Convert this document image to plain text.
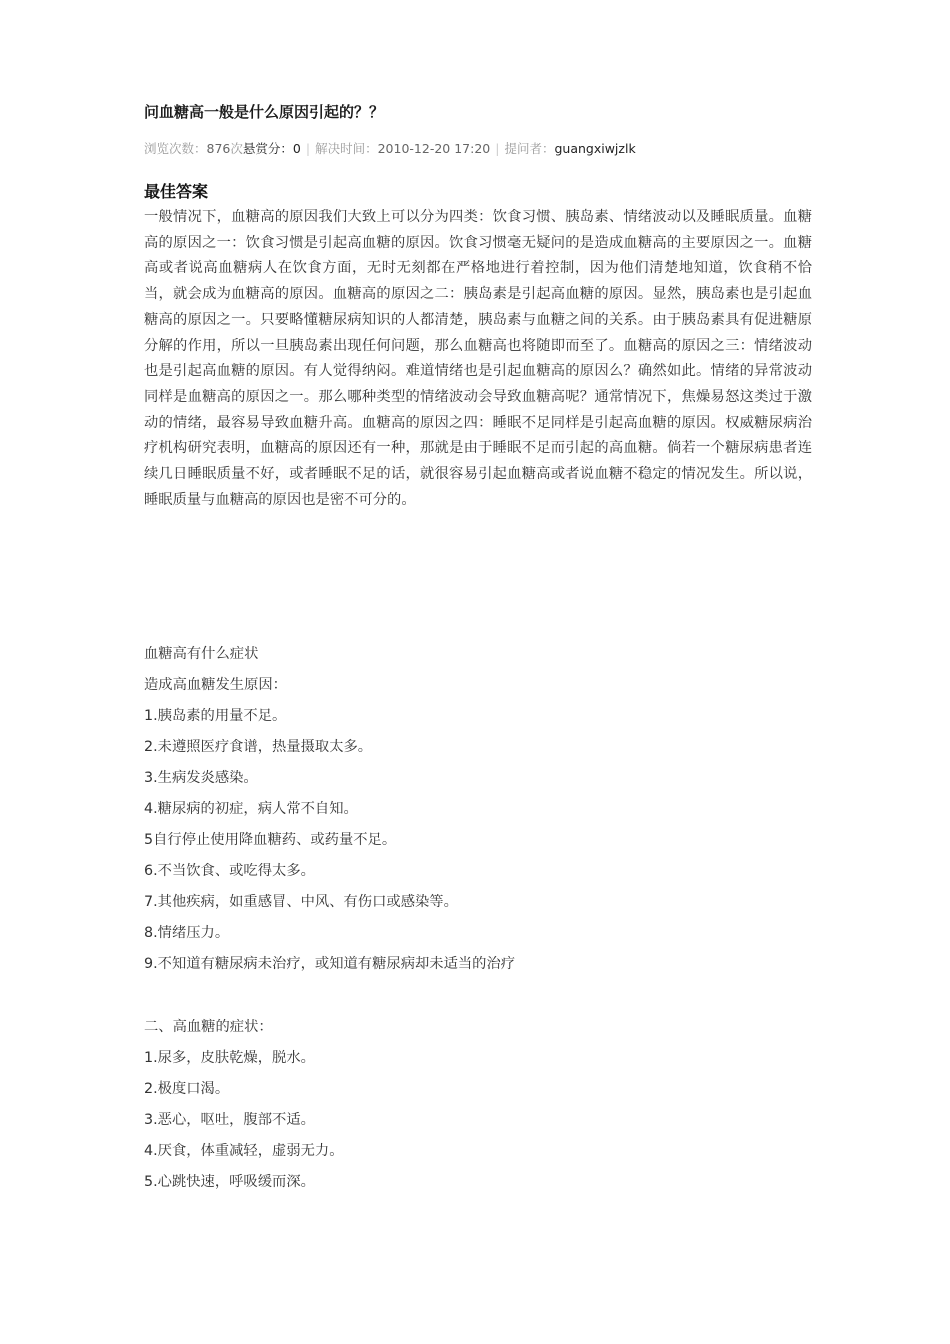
问血糖高一般是什么原因引起的？？
浏览次数：876次悬赏分：0 | 解决时间：2010-12-20 17:20 | 提问者：guangxiwjzlk
最佳答案

一般情况下，血糖高的原因我们大致上可以分为四类：饮食习惯、胰岛素、情绪波动以及睡眠质量。血糖高的原因之一：饮食习惯是引起高血糖的原因。饮食习惯毫无疑问的是造成血糖高的主要原因之一。血糖高或者说高血糖病人在饮食方面，无时无刻都在严格地进行着控制，因为他们清楚地知道，饮食稍不恰当，就会成为血糖高的原因。血糖高的原因之二：胰岛素是引起高血糖的原因。显然，胰岛素也是引起血糖高的原因之一。只要略懂糖尿病知识的人都清楚，胰岛素与血糖之间的关系。由于胰岛素具有促进糖原分解的作用，所以一旦胰岛素出现任何问题，那么血糖高也将随即而至了。血糖高的原因之三：情绪波动也是引起高血糖的原因。有人觉得纳闷。难道情绪也是引起血糖高的原因么？确然如此。情绪的异常波动同样是血糖高的原因之一。那么哪种类型的情绪波动会导致血糖高呢？通常情况下，焦燥易怒这类过于激动的情绪，最容易导致血糖升高。血糖高的原因之四：睡眠不足同样是引起高血糖的原因。权威糖尿病治疗机构研究表明，血糖高的原因还有一种，那就是由于睡眠不足而引起的高血糖。倘若一个糖尿病患者连续几日睡眠质量不好，或者睡眠不足的话，就很容易引起血糖高或者说血糖不稳定的情况发生。所以说，睡眠质量与血糖高的原因也是密不可分的。

血糖高有什么症状
造成高血糖发生原因：
1.胰岛素的用量不足。
2.未遵照医疗食谱，热量摄取太多。
3.生病发炎感染。
4.糖尿病的初症，病人常不自知。
5自行停止使用降血糖药、或药量不足。
6.不当饮食、或吃得太多。
7.其他疾病，如重感冒、中风、有伤口或感染等。
8.情绪压力。
9.不知道有糖尿病未治疗，或知道有糖尿病却未适当的治疗
二、高血糖的症状：
1.尿多，皮肤乾燥，脱水。
2.极度口渴。
3.恶心，呕吐，腹部不适。
4.厌食，体重减轻，虚弱无力。
5.心跳快速，呼吸缓而深。
